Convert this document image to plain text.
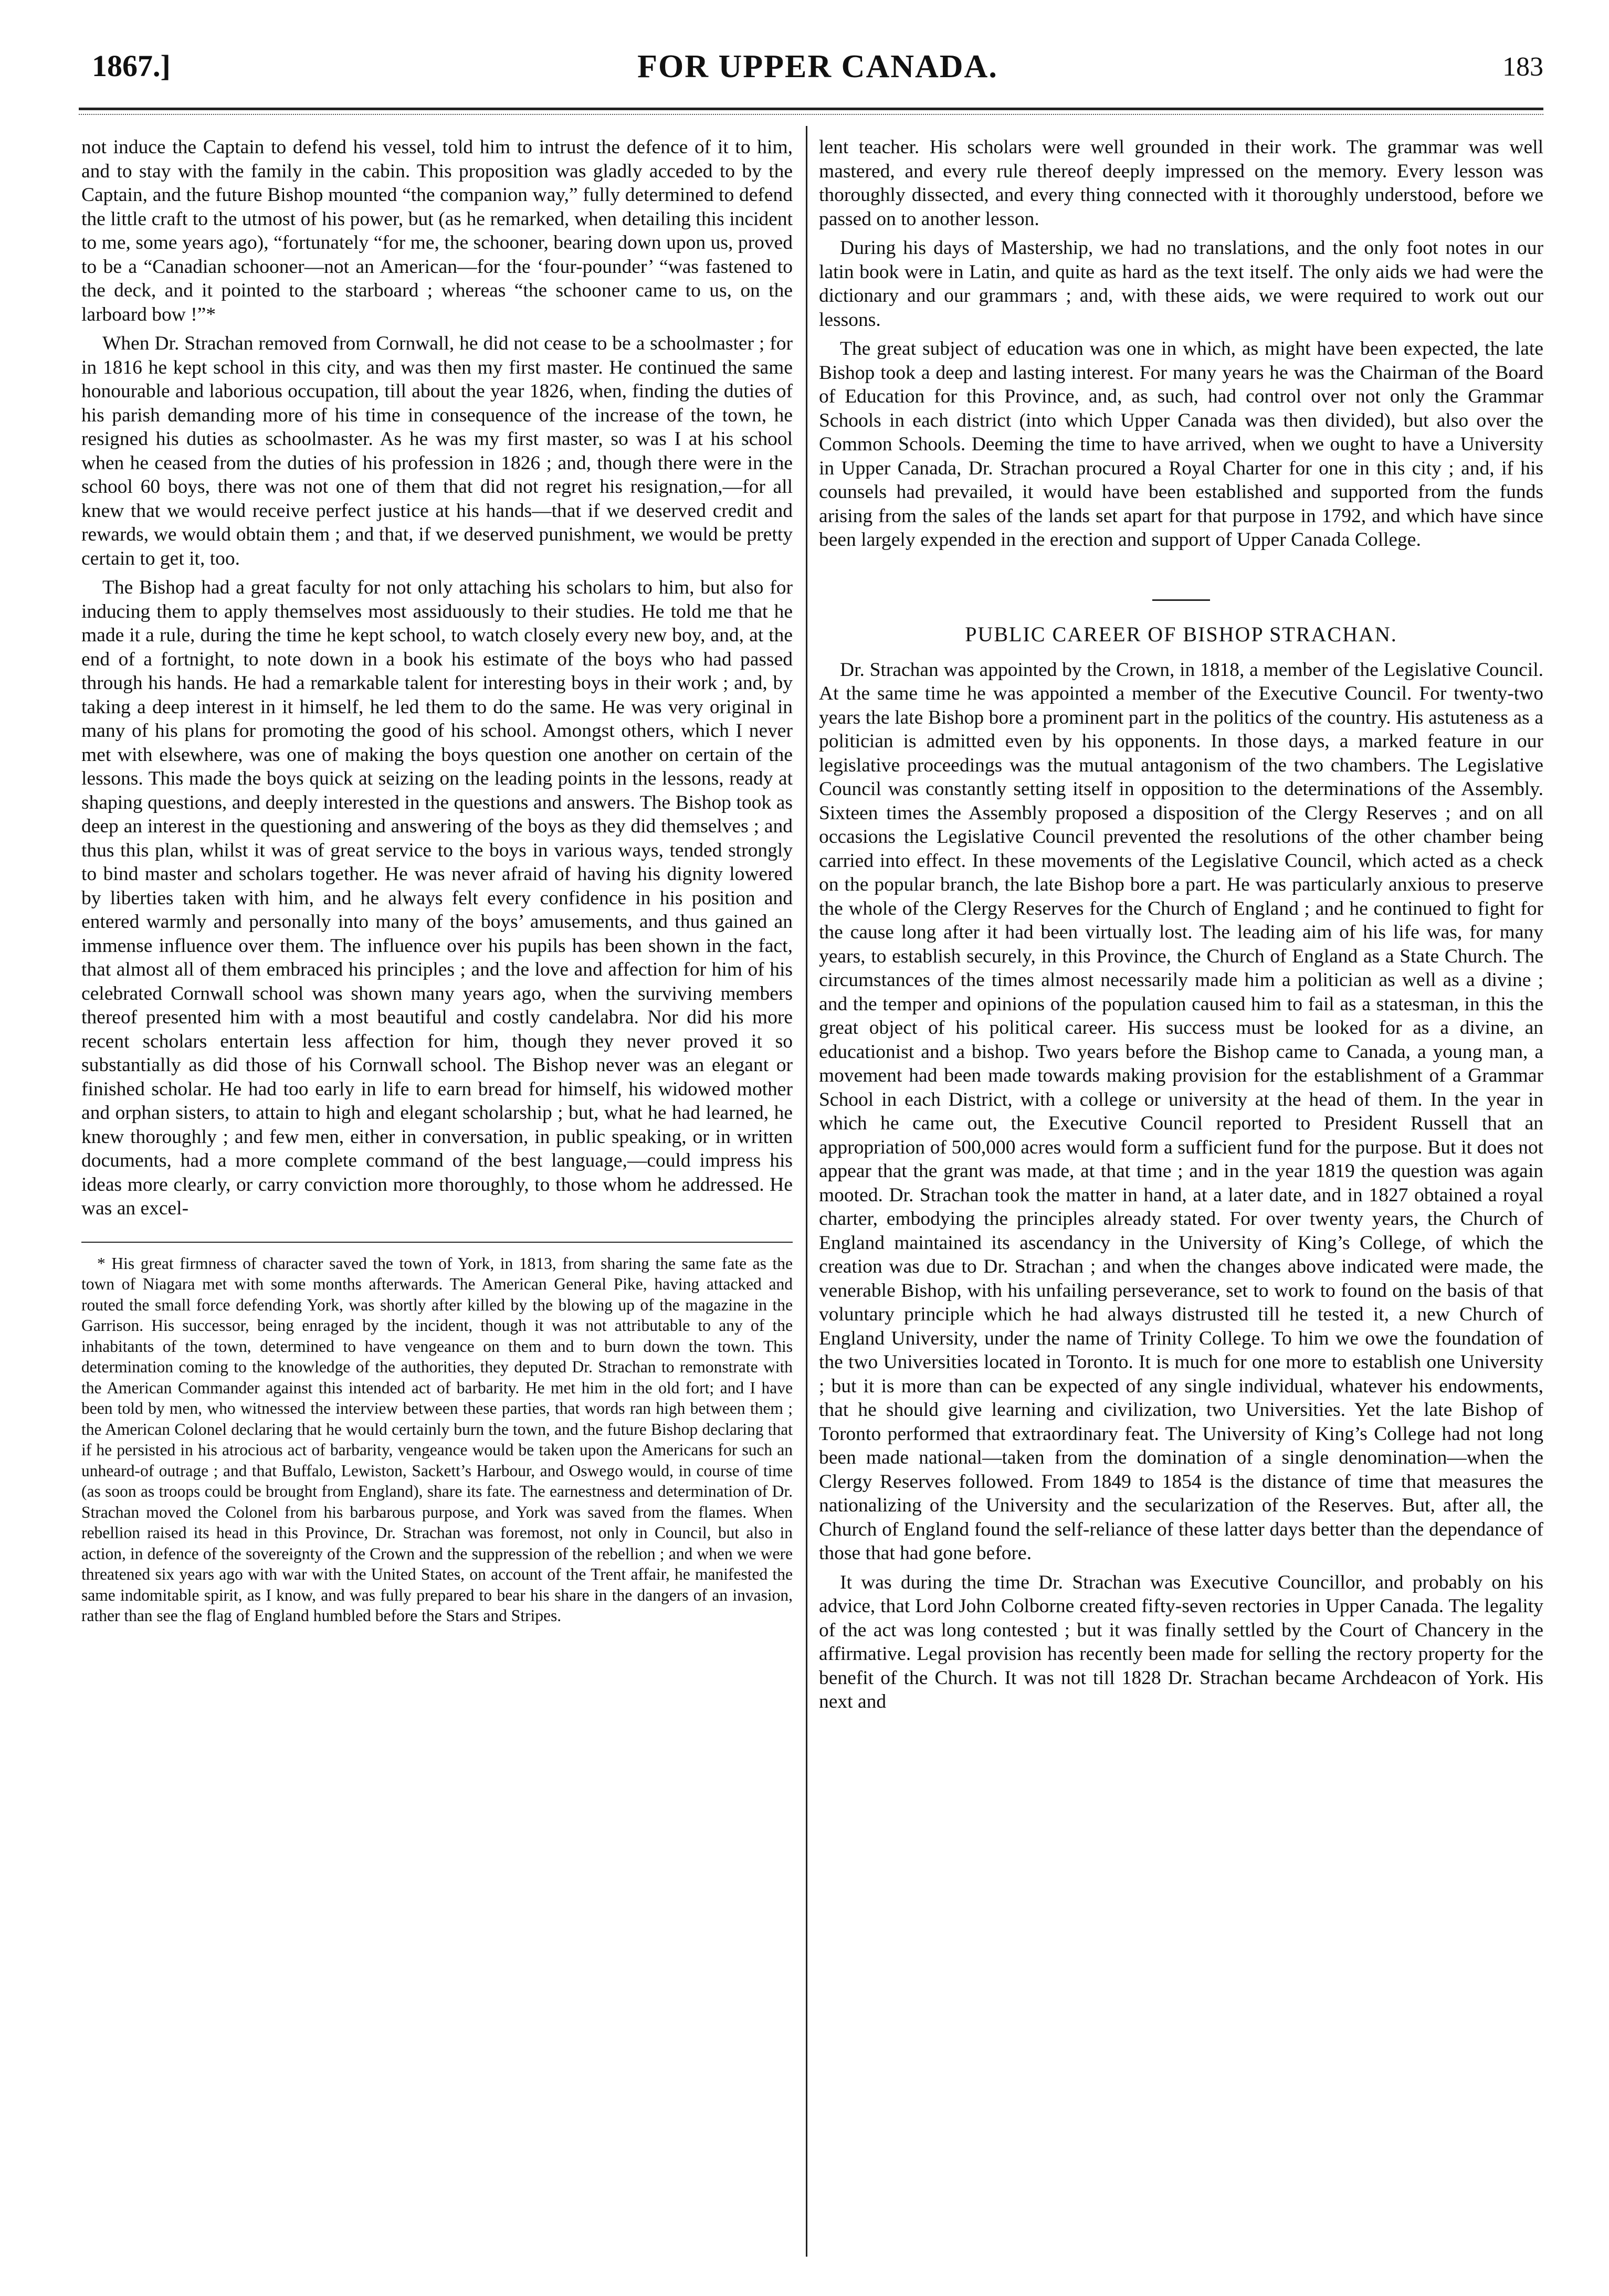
1867.]	FOR UPPER CANADA.	183

not induce the Captain to defend his vessel, told him to intrust the defence of it to him, and to stay with the family in the cabin. This proposition was gladly acceded to by the Captain, and the future Bishop mounted “the companion way,” fully determined to defend the little craft to the utmost of his power, but (as he remarked, when detailing this incident to me, some years ago), “fortunately “for me, the schooner, bearing down upon us, proved to be a “Canadian schooner—not an American—for the ‘four-pounder’ “was fastened to the deck, and it pointed to the starboard ; whereas “the schooner came to us, on the larboard bow !”*

When Dr. Strachan removed from Cornwall, he did not cease to be a schoolmaster ; for in 1816 he kept school in this city, and was then my first master. He continued the same honourable and laborious occupation, till about the year 1826, when, finding the duties of his parish demanding more of his time in consequence of the increase of the town, he resigned his duties as schoolmaster. As he was my first master, so was I at his school when he ceased from the duties of his profession in 1826 ; and, though there were in the school 60 boys, there was not one of them that did not regret his resignation,—for all knew that we would receive perfect justice at his hands—that if we deserved credit and rewards, we would obtain them ; and that, if we deserved punishment, we would be pretty certain to get it, too.

The Bishop had a great faculty for not only attaching his scholars to him, but also for inducing them to apply themselves most assiduously to their studies. He told me that he made it a rule, during the time he kept school, to watch closely every new boy, and, at the end of a fortnight, to note down in a book his estimate of the boys who had passed through his hands. He had a remarkable talent for interesting boys in their work ; and, by taking a deep interest in it himself, he led them to do the same. He was very original in many of his plans for promoting the good of his school. Amongst others, which I never met with elsewhere, was one of making the boys question one another on certain of the lessons. This made the boys quick at seizing on the leading points in the lessons, ready at shaping questions, and deeply interested in the questions and answers. The Bishop took as deep an interest in the questioning and answering of the boys as they did themselves ; and thus this plan, whilst it was of great service to the boys in various ways, tended strongly to bind master and scholars together. He was never afraid of having his dignity lowered by liberties taken with him, and he always felt every confidence in his position and entered warmly and personally into many of the boys’ amusements, and thus gained an immense influence over them. The influence over his pupils has been shown in the fact, that almost all of them embraced his principles ; and the love and affection for him of his celebrated Cornwall school was shown many years ago, when the surviving members thereof presented him with a most beautiful and costly candelabra. Nor did his more recent scholars entertain less affection for him, though they never proved it so substantially as did those of his Cornwall school. The Bishop never was an elegant or finished scholar. He had too early in life to earn bread for himself, his widowed mother and orphan sisters, to attain to high and elegant scholarship ; but, what he had learned, he knew thoroughly ; and few men, either in conversation, in public speaking, or in written documents, had a more complete command of the best language,—could impress his ideas more clearly, or carry conviction more thoroughly, to those whom he addressed. He was an excel-

* His great firmness of character saved the town of York, in 1813, from sharing the same fate as the town of Niagara met with some months afterwards. The American General Pike, having attacked and routed the small force defending York, was shortly after killed by the blowing up of the magazine in the Garrison. His successor, being enraged by the incident, though it was not attributable to any of the inhabitants of the town, determined to have vengeance on them and to burn down the town. This determination coming to the knowledge of the authorities, they deputed Dr. Strachan to remonstrate with the American Commander against this intended act of barbarity. He met him in the old fort; and I have been told by men, who witnessed the interview between these parties, that words ran high between them ; the American Colonel declaring that he would certainly burn the town, and the future Bishop declaring that if he persisted in his atrocious act of barbarity, vengeance would be taken upon the Americans for such an unheard-of outrage ; and that Buffalo, Lewiston, Sackett’s Harbour, and Oswego would, in course of time (as soon as troops could be brought from England), share its fate. The earnestness and determination of Dr. Strachan moved the Colonel from his barbarous purpose, and York was saved from the flames. When rebellion raised its head in this Province, Dr. Strachan was foremost, not only in Council, but also in action, in defence of the sovereignty of the Crown and the suppression of the rebellion ; and when we were threatened six years ago with war with the United States, on account of the Trent affair, he manifested the same indomitable spirit, as I know, and was fully prepared to bear his share in the dangers of an invasion, rather than see the flag of England humbled before the Stars and Stripes.

lent teacher. His scholars were well grounded in their work. The grammar was well mastered, and every rule thereof deeply impressed on the memory. Every lesson was thoroughly dissected, and every thing connected with it thoroughly understood, before we passed on to another lesson.

During his days of Mastership, we had no translations, and the only foot notes in our latin book were in Latin, and quite as hard as the text itself. The only aids we had were the dictionary and our grammars ; and, with these aids, we were required to work out our lessons.

The great subject of education was one in which, as might have been expected, the late Bishop took a deep and lasting interest. For many years he was the Chairman of the Board of Education for this Province, and, as such, had control over not only the Grammar Schools in each district (into which Upper Canada was then divided), but also over the Common Schools. Deeming the time to have arrived, when we ought to have a University in Upper Canada, Dr. Strachan procured a Royal Charter for one in this city ; and, if his counsels had prevailed, it would have been established and supported from the funds arising from the sales of the lands set apart for that purpose in 1792, and which have since been largely expended in the erection and support of Upper Canada College.

PUBLIC CAREER OF BISHOP STRACHAN.

Dr. Strachan was appointed by the Crown, in 1818, a member of the Legislative Council. At the same time he was appointed a member of the Executive Council. For twenty-two years the late Bishop bore a prominent part in the politics of the country. His astuteness as a politician is admitted even by his opponents. In those days, a marked feature in our legislative proceedings was the mutual antagonism of the two chambers. The Legislative Council was constantly setting itself in opposition to the determinations of the Assembly. Sixteen times the Assembly proposed a disposition of the Clergy Reserves ; and on all occasions the Legislative Council prevented the resolutions of the other chamber being carried into effect. In these movements of the Legislative Council, which acted as a check on the popular branch, the late Bishop bore a part. He was particularly anxious to preserve the whole of the Clergy Reserves for the Church of England ; and he continued to fight for the cause long after it had been virtually lost. The leading aim of his life was, for many years, to establish securely, in this Province, the Church of England as a State Church. The circumstances of the times almost necessarily made him a politician as well as a divine ; and the temper and opinions of the population caused him to fail as a statesman, in this the great object of his political career. His success must be looked for as a divine, an educationist and a bishop. Two years before the Bishop came to Canada, a young man, a movement had been made towards making provision for the establishment of a Grammar School in each District, with a college or university at the head of them. In the year in which he came out, the Executive Council reported to President Russell that an appropriation of 500,000 acres would form a sufficient fund for the purpose. But it does not appear that the grant was made, at that time ; and in the year 1819 the question was again mooted. Dr. Strachan took the matter in hand, at a later date, and in 1827 obtained a royal charter, embodying the principles already stated. For over twenty years, the Church of England maintained its ascendancy in the University of King’s College, of which the creation was due to Dr. Strachan ; and when the changes above indicated were made, the venerable Bishop, with his unfailing perseverance, set to work to found on the basis of that voluntary principle which he had always distrusted till he tested it, a new Church of England University, under the name of Trinity College. To him we owe the foundation of the two Universities located in Toronto. It is much for one more to establish one University ; but it is more than can be expected of any single individual, whatever his endowments, that he should give learning and civilization, two Universities. Yet the late Bishop of Toronto performed that extraordinary feat. The University of King’s College had not long been made national—taken from the domination of a single denomination—when the Clergy Reserves followed. From 1849 to 1854 is the distance of time that measures the nationalizing of the University and the secularization of the Reserves. But, after all, the Church of England found the self-reliance of these latter days better than the dependance of those that had gone before.

It was during the time Dr. Strachan was Executive Councillor, and probably on his advice, that Lord John Colborne created fifty-seven rectories in Upper Canada. The legality of the act was long contested ; but it was finally settled by the Court of Chancery in the affirmative. Legal provision has recently been made for selling the rectory property for the benefit of the Church. It was not till 1828 Dr. Strachan became Archdeacon of York. His next and
